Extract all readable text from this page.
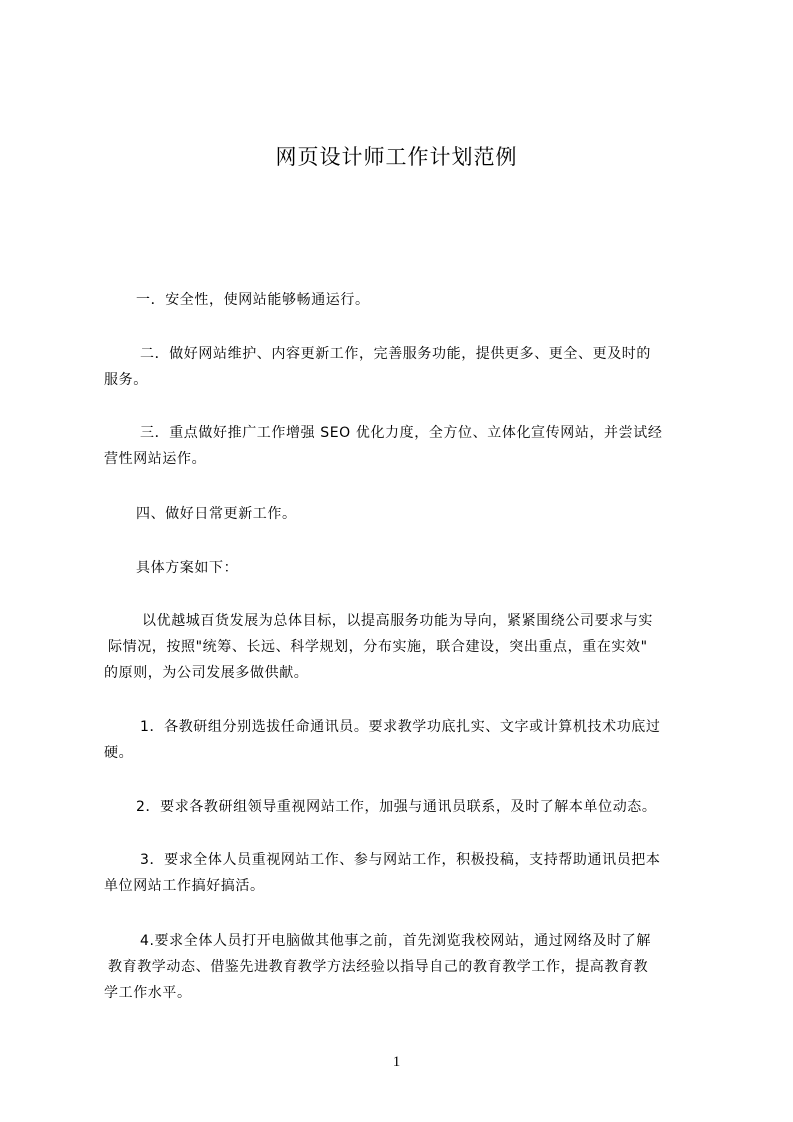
网页设计师工作计划范例

一．安全性，使网站能够畅通运行。

二．做好网站维护、内容更新工作，完善服务功能，提供更多、更全、更及时的
服务。

三．重点做好推广工作增强 SEO 优化力度，全方位、立体化宣传网站，并尝试经
营性网站运作。

四、做好日常更新工作。

具体方案如下：

以优越城百货发展为总体目标，以提高服务功能为导向，紧紧围绕公司要求与实
际情况，按照"统筹、长远、科学规划，分布实施，联合建设，突出重点，重在实效"
的原则，为公司发展多做供献。

1．各教研组分别选拔任命通讯员。要求教学功底扎实、文字或计算机技术功底过
硬。

2．要求各教研组领导重视网站工作，加强与通讯员联系，及时了解本单位动态。

3．要求全体人员重视网站工作、参与网站工作，积极投稿，支持帮助通讯员把本
单位网站工作搞好搞活。

4.要求全体人员打开电脑做其他事之前，首先浏览我校网站，通过网络及时了解
教育教学动态、借鉴先进教育教学方法经验以指导自己的教育教学工作，提高教育教
学工作水平。

1
